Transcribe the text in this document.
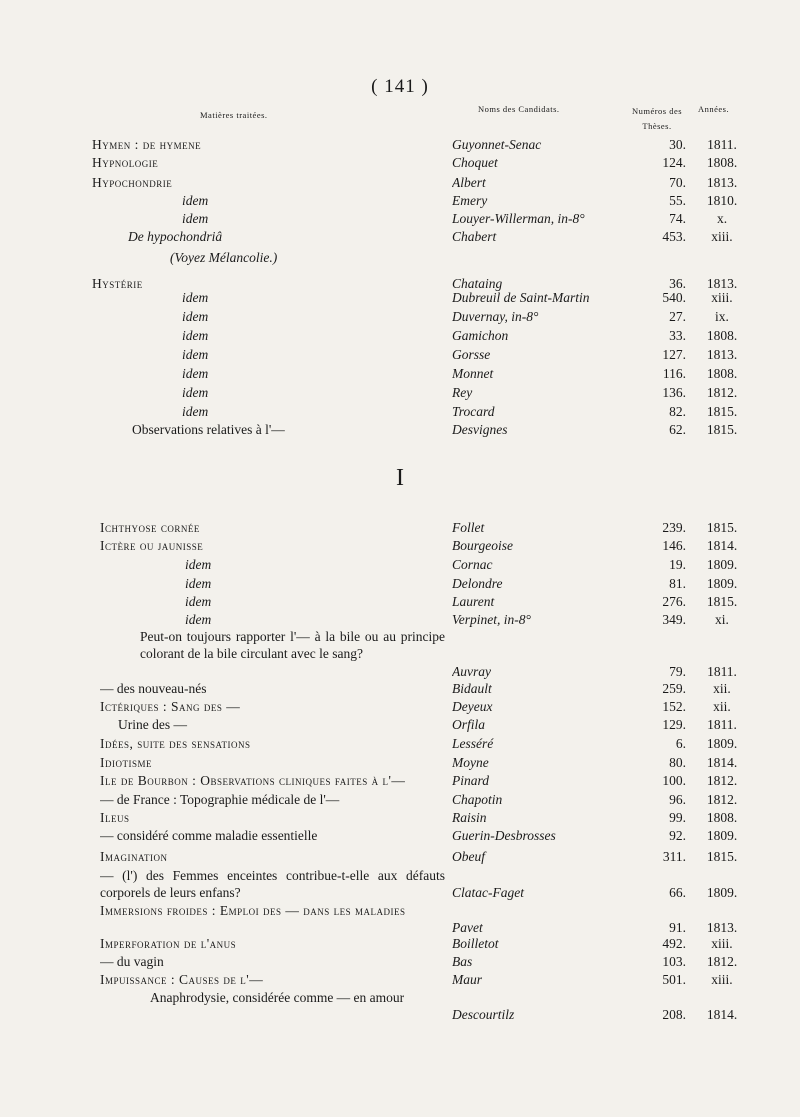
( 141 )
Matières traitées.
Noms des Candidats.	Numéros des Thèses.
Années.
Hymen : de hymene	Guyonnet-Senac	30.	1811.
Hypnologie	Choquet	124.	1808.
Hypochondrie	Albert	70.	1813.
idem	Emery	55.	1810.
idem	Louyer-Willerman, in-8°	74.	x.
De hypochondriâ	Chabert	453.	xiii.
(Voyez Mélancolie.)
Hystérie	Chataing	36.	1813.
idem	Dubreuil de Saint-Martin	540.	xiii.
idem	Duvernay, in-8°	27.	ix.
idem	Gamichon	33.	1808.
idem	Gorsse	127.	1813.
idem	Monnet	116.	1808.
idem	Rey	136.	1812.
idem	Trocard	82.	1815.
Observations relatives à l'—	Desvignes	62.	1815.
I
Ichthyose cornée	Follet	239.	1815.
Ictère ou jaunisse	Bourgeoise	146.	1814.
idem	Cornac	19.	1809.
idem	Delondre	81.	1809.
idem	Laurent	276.	1815.
idem	Verpinet, in-8°	349.	xi.
Peut-on toujours rapporter l'— à la bile ou au principe colorant de la bile circulant avec le sang?
Auvray	79.	1811.
— des nouveau-nés	Bidault	259.	xii.
Ictériques : Sang des —	Deyeux	152.	xii.
Urine des —	Orfila	129.	1811.
Idées, suite des sensations	Lesséré	6.	1809.
Idiotisme	Moyne	80.	1814.
Ile de Bourbon : Observations cliniques faites à l'—	Pinard	100.	1812.
— de France : Topographie médicale de l'—	Chapotin	96.	1812.
Ileus	Raisin	99.	1808.
— considéré comme maladie essentielle	Guerin-Desbrosses	92.	1809.
Imagination	Obeuf	311.	1815.
— (l') des Femmes enceintes contribue-t-elle aux défauts corporels de leurs enfans?	Clatac-Faget	66.	1809.
Immersions froides : Emploi des — dans les maladies
Pavet	91.	1813.
Imperforation de l'anus	Boilletot	492.	xiii.
— du vagin	Bas	103.	1812.
Impuissance : Causes de l'—	Maur	501.	xiii.
Anaphrodysie, considérée comme — en amour
Descourtilz	208.	1814.
